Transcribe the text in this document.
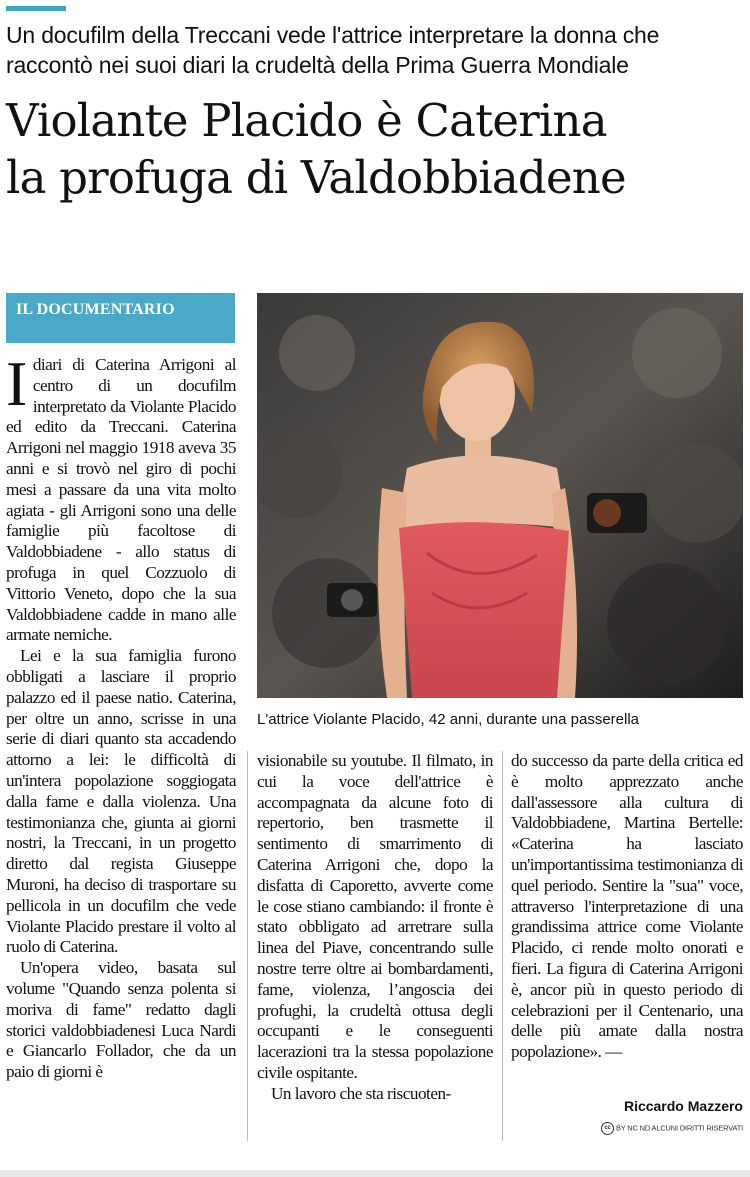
Un docufilm della Treccani vede l'attrice interpretare la donna che raccontò nei suoi diari la crudeltà della Prima Guerra Mondiale
Violante Placido è Caterina
la profuga di Valdobbiadene
IL DOCUMENTARIO
L'attrice Violante Placido, 42 anni, durante una passerella

Idiari di Caterina Arrigoni al centro di un docufilm interpretato da Violante Placido ed edito da Treccani. Caterina Arrigoni nel maggio 1918 aveva 35 anni e si trovò nel giro di pochi mesi a passare da una vita molto agiata - gli Arrigoni sono una delle famiglie più facoltose di Valdobbiadene - allo status di profuga in quel Cozzuolo di Vittorio Veneto, dopo che la sua Valdobbiadene cadde in mano alle armate nemiche.

Lei e la sua famiglia furono obbligati a lasciare il proprio palazzo ed il paese natio. Caterina, per oltre un anno, scrisse in una serie di diari quanto sta accadendo attorno a lei: le difficoltà di un'intera popolazione soggiogata dalla fame e dalla violenza. Una testimonianza che, giunta ai giorni nostri, la Treccani, in un progetto diretto dal regista Giuseppe Muroni, ha deciso di trasportare su pellicola in un docufilm che vede Violante Placido prestare il volto al ruolo di Caterina.

Un'opera video, basata sul volume "Quando senza polenta si moriva di fame" redatto dagli storici valdobbiadenesi Luca Nardi e Giancarlo Follador, che da un paio di giorni è

visionabile su youtube. Il filmato, in cui la voce dell'attrice è accompagnata da alcune foto di repertorio, ben trasmette il sentimento di smarrimento di Caterina Arrigoni che, dopo la disfatta di Caporetto, avverte come le cose stiano cambiando: il fronte è stato obbligato ad arretrare sulla linea del Piave, concentrando sulle nostre terre oltre ai bombardamenti, fame, violenza, l’angoscia dei profughi, la crudeltà ottusa degli occupanti e le conseguenti lacerazioni tra la stessa popolazione civile ospitante.

Un lavoro che sta riscuoten-

do successo da parte della critica ed è molto apprezzato anche dall'assessore alla cultura di Valdobbiadene, Martina Bertelle: «Caterina ha lasciato un'importantissima testimonianza di quel periodo. Sentire la "sua" voce, attraverso l'interpretazione di una grandissima attrice come Violante Placido, ci rende molto onorati e fieri. La figura di Caterina Arrigoni è, ancor più in questo periodo di celebrazioni per il Centenario, una delle più amate dalla nostra popolazione». —

Riccardo Mazzero
cc BY NC ND ALCUNI DIRITTI RISERVATI
